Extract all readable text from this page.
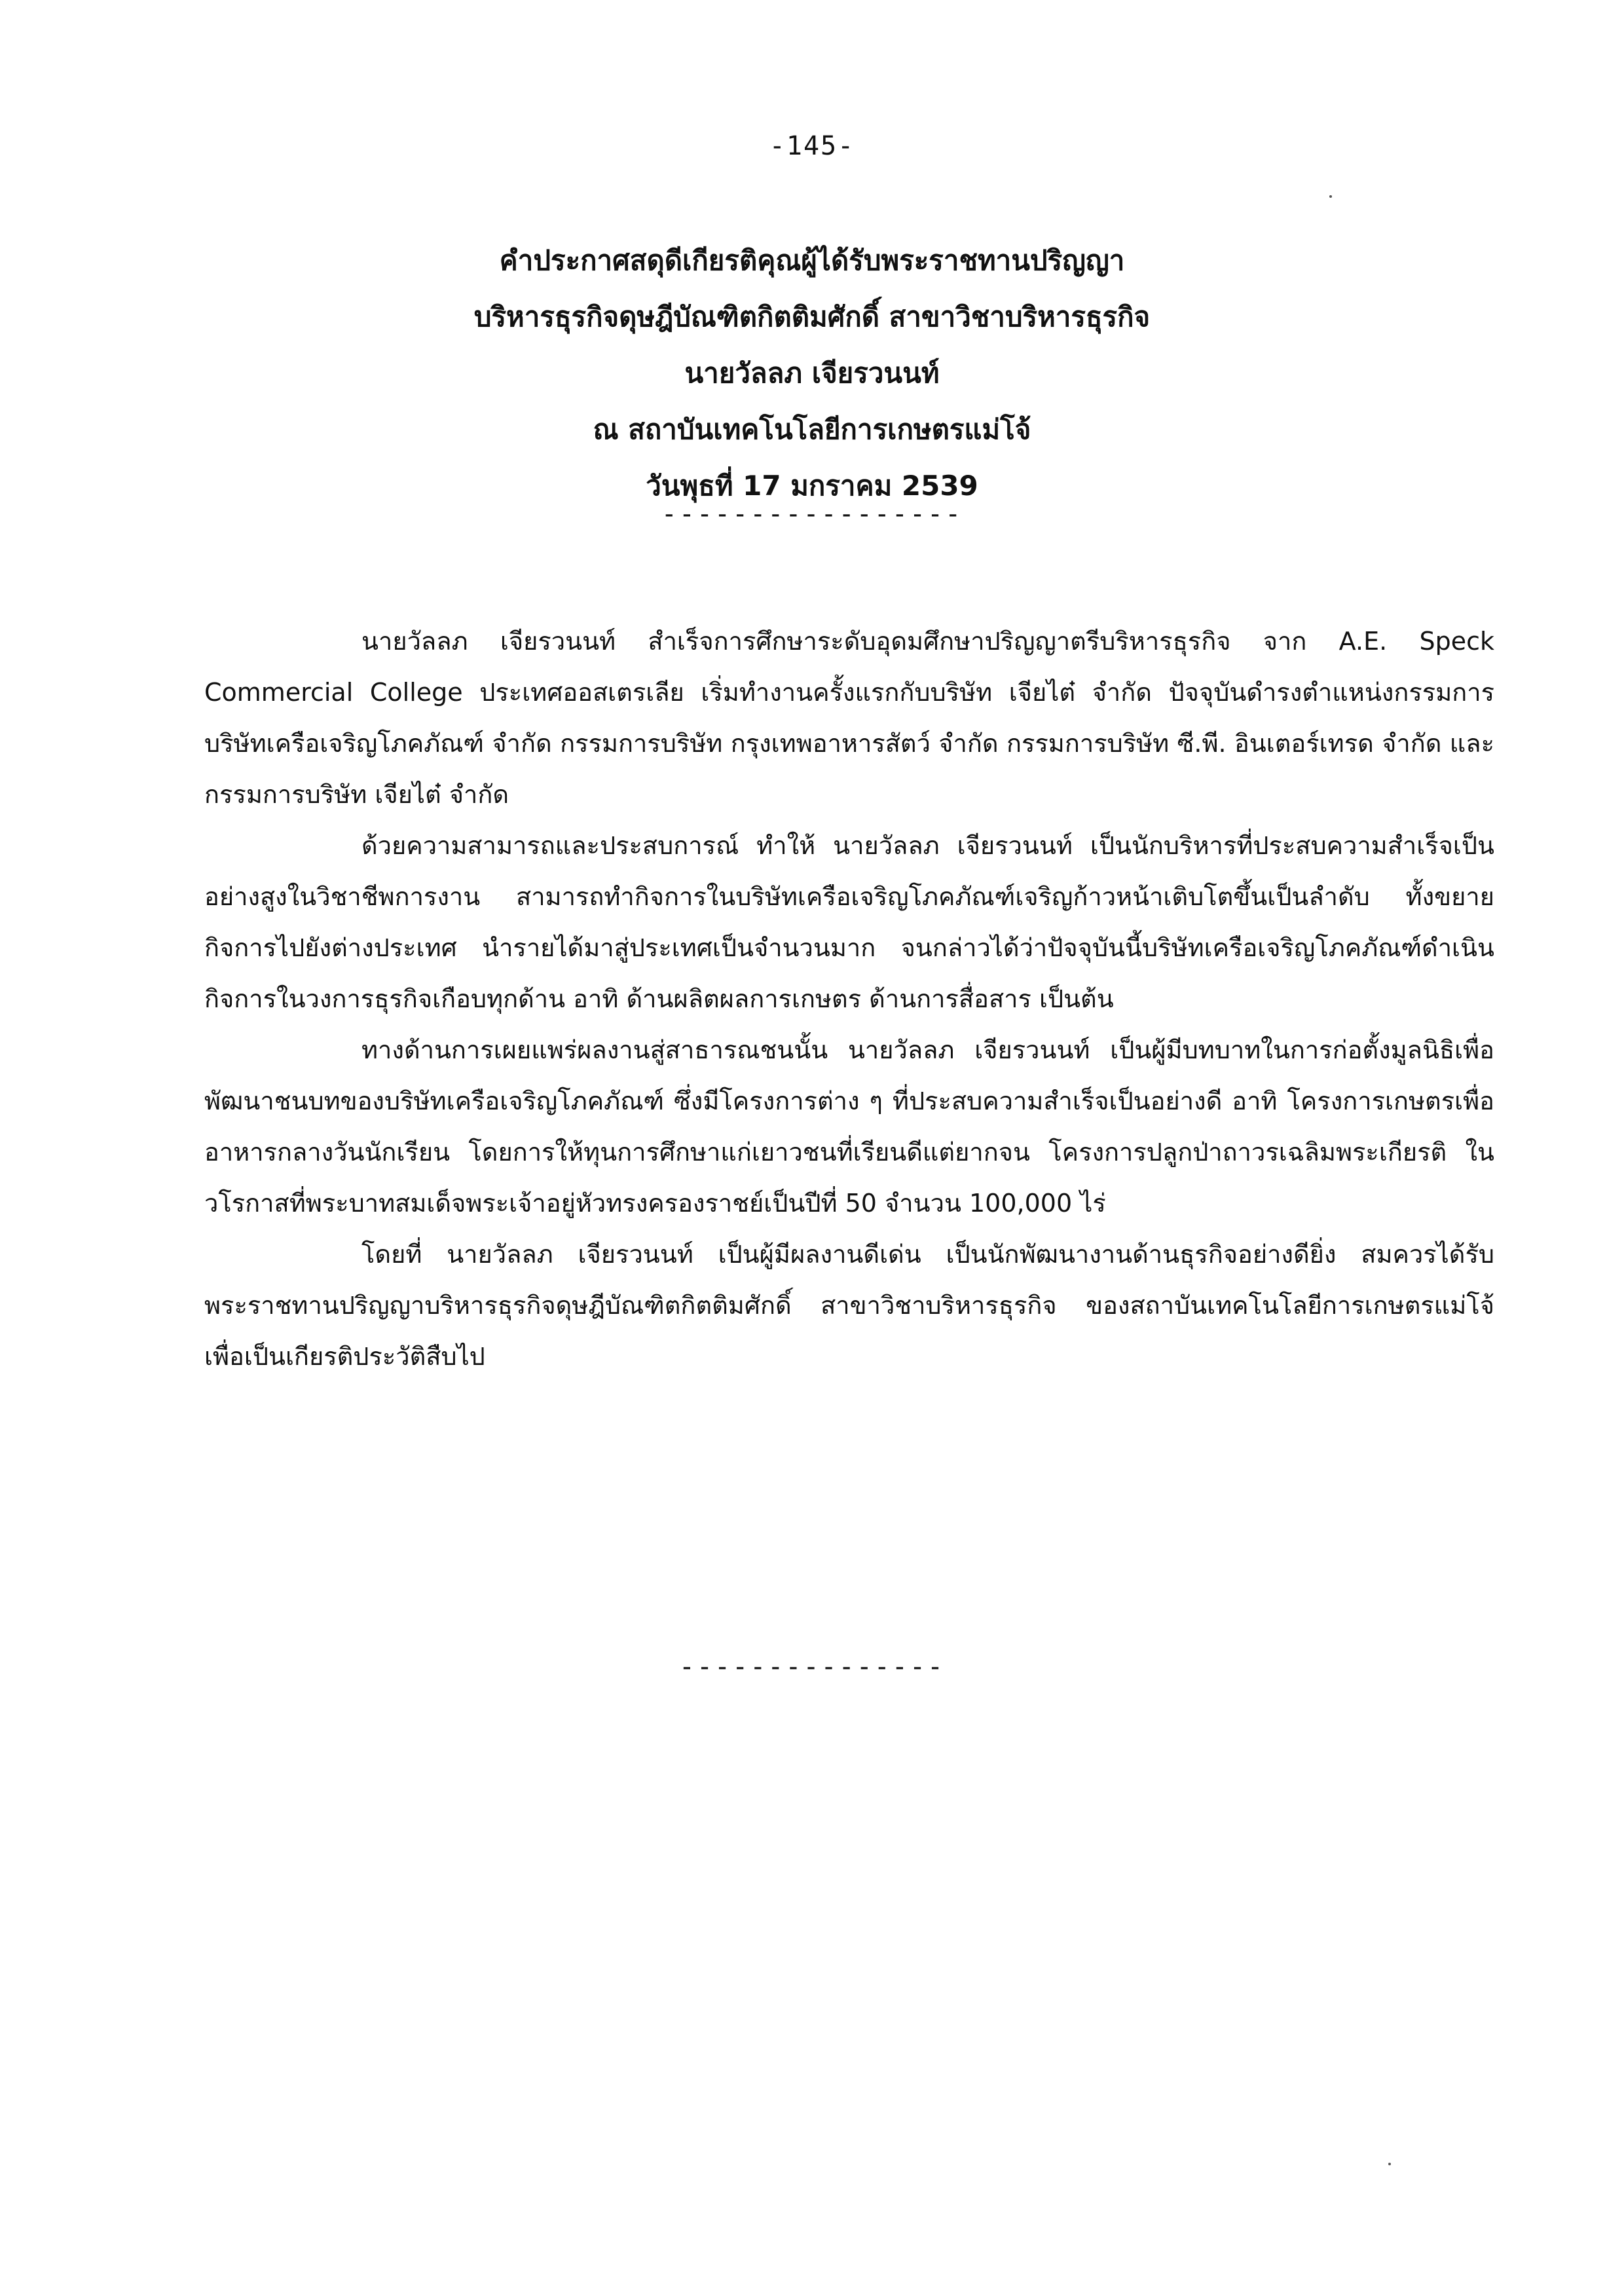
-145-
คำประกาศสดุดีเกียรติคุณผู้ได้รับพระราชทานปริญญา
บริหารธุรกิจดุษฎีบัณฑิตกิตติมศักดิ์ สาขาวิชาบริหารธุรกิจ
นายวัลลภ เจียรวนนท์
ณ สถาบันเทคโนโลยีการเกษตรแม่โจ้
วันพุธที่ 17 มกราคม 2539
-----------------

นายวัลลภ เจียรวนนท์ สำเร็จการศึกษาระดับอุดมศึกษาปริญญาตรีบริหารธุรกิจ จาก A.E. Speck Commercial College ประเทศออสเตรเลีย เริ่มทำงานครั้งแรกกับบริษัท เจียไต๋ จำกัด ปัจจุบันดำรงตำแหน่งกรรมการบริษัทเครือเจริญโภคภัณฑ์ จำกัด กรรมการบริษัท กรุงเทพอาหารสัตว์ จำกัด กรรมการบริษัท ซี.พี. อินเตอร์เทรด จำกัด และกรรมการบริษัท เจียไต๋ จำกัด

ด้วยความสามารถและประสบการณ์ ทำให้ นายวัลลภ เจียรวนนท์ เป็นนักบริหารที่ประสบความสำเร็จเป็นอย่างสูงในวิชาชีพการงาน สามารถทำกิจการในบริษัทเครือเจริญโภคภัณฑ์เจริญก้าวหน้าเติบโตขึ้นเป็นลำดับ ทั้งขยายกิจการไปยังต่างประเทศ นำรายได้มาสู่ประเทศเป็นจำนวนมาก จนกล่าวได้ว่าปัจจุบันนี้บริษัทเครือเจริญโภคภัณฑ์ดำเนินกิจการในวงการธุรกิจเกือบทุกด้าน อาทิ ด้านผลิตผลการเกษตร ด้านการสื่อสาร เป็นต้น

ทางด้านการเผยแพร่ผลงานสู่สาธารณชนนั้น นายวัลลภ เจียรวนนท์ เป็นผู้มีบทบาทในการก่อตั้งมูลนิธิเพื่อพัฒนาชนบทของบริษัทเครือเจริญโภคภัณฑ์ ซึ่งมีโครงการต่าง ๆ ที่ประสบความสำเร็จเป็นอย่างดี อาทิ โครงการเกษตรเพื่ออาหารกลางวันนักเรียน โดยการให้ทุนการศึกษาแก่เยาวชนที่เรียนดีแต่ยากจน โครงการปลูกป่าถาวรเฉลิมพระเกียรติ ในวโรกาสที่พระบาทสมเด็จพระเจ้าอยู่หัวทรงครองราชย์เป็นปีที่ 50 จำนวน 100,000 ไร่

โดยที่ นายวัลลภ เจียรวนนท์ เป็นผู้มีผลงานดีเด่น เป็นนักพัฒนางานด้านธุรกิจอย่างดียิ่ง สมควรได้รับพระราชทานปริญญาบริหารธุรกิจดุษฎีบัณฑิตกิตติมศักดิ์ สาขาวิชาบริหารธุรกิจ ของสถาบันเทคโนโลยีการเกษตรแม่โจ้ เพื่อเป็นเกียรติประวัติสืบไป

---------------
